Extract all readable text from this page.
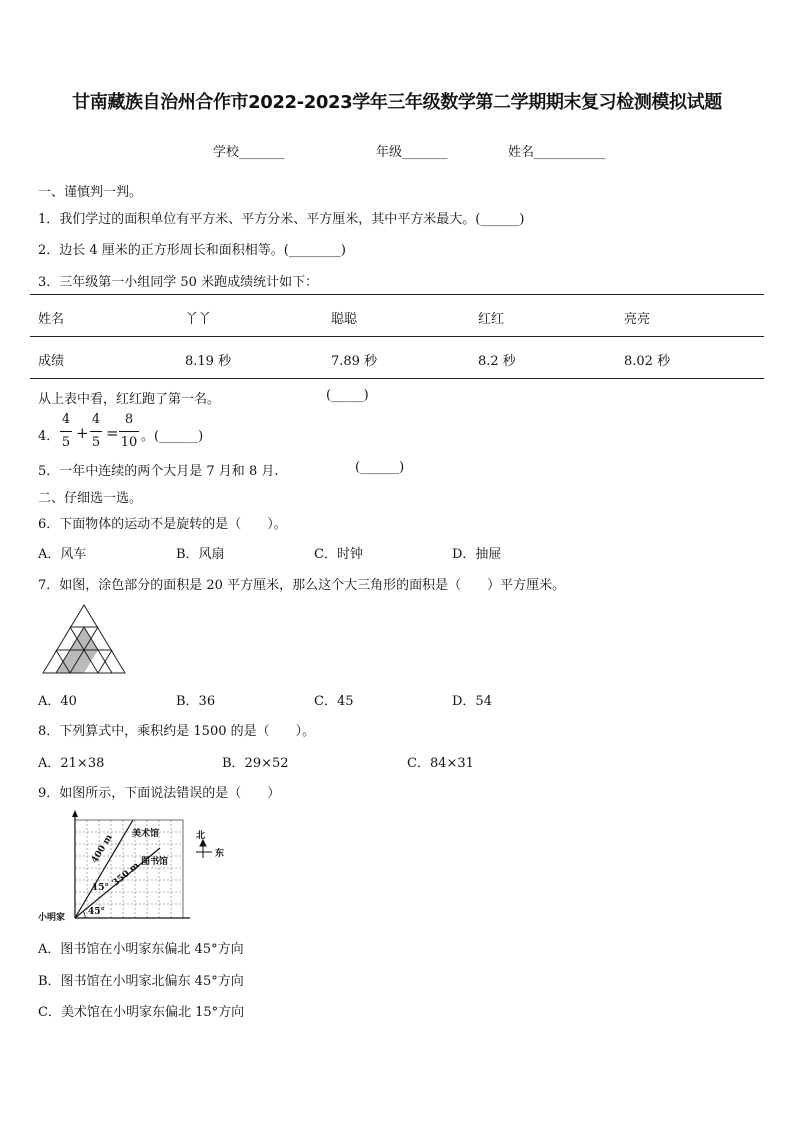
甘南藏族自治州合作市2022-2023学年三年级数学第二学期期末复习检测模拟试题
学校_______	年级_______	姓名___________
一、谨慎判一判。
1．我们学过的面积单位有平方米、平方分米、平方厘米，其中平方米最大。(______)
2．边长 4 厘米的正方形周长和面积相等。(________)
3．三年级第一小组同学 50 米跑成绩统计如下：
姓名	丫丫	聪聪	红红	亮亮
成绩	8.19 秒	7.89 秒	8.2 秒	8.02 秒
从上表中看，红红跑了第一名。	(_____)
4．
4
5
+
4
5
=
8
10 。(______)
5．一年中连续的两个大月是 7 月和 8 月.	(______)
二、仔细选一选。
6．下面物体的运动不是旋转的是（　　）。
A．风车	B．风扇	C．时钟	D．抽屉
7．如图，涂色部分的面积是 20 平方厘米，那么这个大三角形的面积是（　　）平方厘米。
A．40	B．36	C．45	D．54
8．下列算式中，乘积约是 1500 的是（　　）。
A．21×38	B．29×52	C．84×31
9．如图所示，下面说法错误的是（　　）
美术馆
图书馆
小明家
400 m
350 m
15°
45°
北
东
A．图书馆在小明家东偏北 45°方向
B．图书馆在小明家北偏东 45°方向
C．美术馆在小明家东偏北 15°方向
